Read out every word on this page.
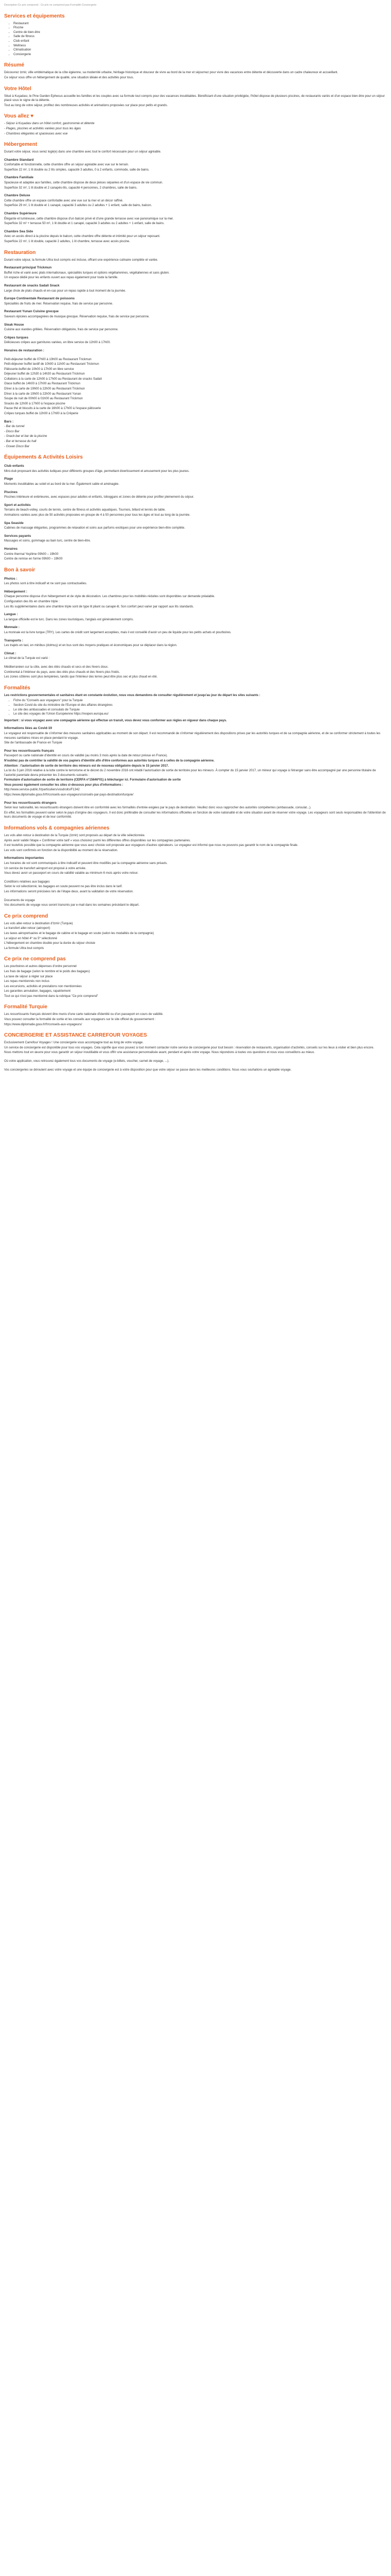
Description-Ce prix comprend - Ce prix ne comprend pas-Formalité-Conciergerie
Services et équipements
• Restaurant
• Piscine
• Centre de bien-être
• Salle de fitness
• Club enfant
• Wellness
• Climatisation
• Conciergerie
Résumé
Découvrez Izmir, ville emblématique de la côte égéenne, sa modernité urbaine, héritage historique et douceur de vivre au bord de la mer et séjournez pour vivre des vacances entre détente et découverte dans un cadre chaleureux et accueillant.
Ce séjour vous offre un hébergement de qualité, une situation idéale et des activités pour tous.
Votre Hôtel
Situé à Kuşadası, le Pine Garden Ephesus accueille les familles et les couples avec sa formule tout compris pour des vacances inoubliables. Bénéficiant d'une situation privilégiée, l'hôtel dispose de plusieurs piscines, de restaurants variés et d'un espace bien-être pour un séjour placé sous le signe de la détente.
Tout au long de votre séjour, profitez des nombreuses activités et animations proposées sur place pour petits et grands.
Vous allez ♥
- Séjour à Kuşadası dans un hôtel confort, gastronomie et détente
- Plages, piscines et activités variées pour tous les âges
- Chambres élégantes et spacieuses avec vue
Hébergement
Durant votre séjour, vous serez logé(e) dans une chambre avec tout le confort nécessaire pour un séjour agréable.
Chambre Standard
Confortable et fonctionnelle, cette chambre offre un séjour agréable avec vue sur le terrain.
Superficie 22 m², 1 lit double ou 2 lits simples, capacité 3 adultes, 0 à 2 enfants, commode, salle de bains.
Chambre Familiale
Spacieuse et adaptée aux familles, cette chambre dispose de deux pièces séparées et d'un espace de vie commun.
Superficie 32 m², 1 lit double et 2 canapés-lits, capacité 4 personnes, 2 chambres, salle de bains.
Chambre Deluxe
Cette chambre offre un espace confortable avec une vue sur la mer et un décor raffiné.
Superficie 29 m², 1 lit double et 1 canapé, capacité 3 adultes ou 2 adultes + 1 enfant, salle de bains, balcon.
Chambre Supérieure
Élégante et lumineuse, cette chambre dispose d'un balcon privé et d'une grande terrasse avec vue panoramique sur la mer.
Superficie 32 m² + terrasse 50 m², 1 lit double et 1 canapé, capacité 3 adultes ou 2 adultes + 1 enfant, salle de bains.
Chambre Sea Side
Avec un accès direct à la piscine depuis le balcon, cette chambre offre détente et intimité pour un séjour reposant.
Superficie 22 m², 1 lit double, capacité 2 adultes, 1 lit chambre, terrasse avec accès piscine.
Restauration
Durant votre séjour, la formule Ultra tout compris est incluse, offrant une expérience culinaire complète et variée.
Restaurant principal Trickmun
Buffet riche et varié avec plats internationaux, spécialités turques et options végétariennes, végétaliennes et sans gluten.
Un espace dédié pour les enfants ouvert aux repas également pour toute la famille.
Restaurant de snacks Sadali Snack
Large choix de plats chauds et en-cas pour un repas rapide à tout moment de la journée.
Europe Continentale Restaurant de poissons
Spécialités de fruits de mer. Réservation requise, frais de service par personne.
Restaurant Yunan Cuisine grecque
Saveurs épicées accompagnées de musique grecque. Réservation requise, frais de service par personne.
Steak House
Cuisine aux viandes grillées. Réservation obligatoire, frais de service par personne.
Crêpes turques
Délicieuses crêpes aux garnitures variées, en libre service de 12h00 à 17h00.
Horaires de restauration :
Petit-déjeuner buffet de 07h00 à 10h00 au Restaurant Trickmun
Petit-déjeuner buffet tardif de 10h00 à 11h00 au Restaurant Trickmun
Pâtisserie-buffet de 10h00 à 17h00 en libre service
Déjeuner buffet de 12h30 à 14h30 au Restaurant Trickmun
Collations à la carte de 12h00 à 17h00 au Restaurant de snacks Sadali
Glace buffet de 14h00 à 17h00 au Restaurant Trickmun
Dîner à la carte de 19h00 à 22h00 au Restaurant Trickmun
Dîner à la carte de 19h00 à 22h00 au Restaurant Yunan
Soupe de nuit de 00h00 à 01h00 au Restaurant Trickmun
Snacks de 12h00 à 17h00 à l'espace piscine
Pause thé et biscuits à la carte de 16h00 à 17h00 à l'espace pâtisserie
Crêpes turques buffet de 12h00 à 17h00 à la Crêperie
Bars :
- Bar du tunnel
- Disco Bar
- Snack-bar et bar de la piscine
- Bar et terrasse du hall
- Ocean Disco Bar
Équipements & Activités Loisirs
Club enfants
Mini-club proposant des activités ludiques pour différents groupes d'âge, permettant divertissement et amusement pour les plus jeunes.
Plage
Moments inoubliables au soleil et au bord de la mer. Également sable et aménagée.
Piscines
Piscines intérieure et extérieures, avec espaces pour adultes et enfants, toboggans et zones de détente pour profiter pleinement du séjour.
Sport et activités
Terrains de beach-volley, courts de tennis, centre de fitness et activités aquatiques. Tournois, billard et tennis de table.
Animations variées avec plus de 50 activités proposées en groupe de 4 à 50 personnes pour tous les âges et tout au long de la journée.
Spa Seaside
Cabines de massage élégantes, programmes de relaxation et soins aux parfums exotiques pour une expérience bien-être complète.
Services payants
Massages et soins, gommage au bain turc, centre de bien-être.
Horaires
Centre thermal Yeşilime 09h00 – 19h00
Centre de remise en forme 09h00 – 19h00
Bon à savoir
Photos :
Les photos sont à titre indicatif et ne sont pas contractuelles.
Hébergement :
Chaque personne dispose d'un hébergement et de style de décoration. Les chambres pour les mobilités réduites sont disponibles sur demande préalable.
Configuration des lits en chambre triple :
Les lits supplémentaires dans une chambre triple sont de type lit pliant ou canapé-lit. Son confort peut varier par rapport aux lits standards.
Langue :
La langue officielle est le turc. Dans les zones touristiques, l'anglais est généralement compris.
Monnaie :
La monnaie est la livre turque (TRY). Les cartes de crédit sont largement acceptées, mais il est conseillé d'avoir un peu de liquide pour les petits achats et pourboires.
Transports :
Les trajets en taxi, en minibus (dolmuş) et en bus sont des moyens pratiques et économiques pour se déplacer dans la région.
Climat :
Le climat de la Turquie est varié :
Méditerranéen sur la côte, avec des étés chauds et secs et des hivers doux.
Continental à l'intérieur du pays, avec des étés plus chauds et des hivers plus froids.
Les zones côtières sont plus tempérées, tandis que l'intérieur des terres peut être plus sec et plus chaud en été.
Formalités
Les restrictions gouvernementales et sanitaires étant en constante évolution, nous vous demandons de consulter régulièrement et jusqu'au jour du départ les sites suivants :
• Fiche du "Conseils aux voyageurs" pour la Turquie
• Section Covid du site du ministère de l'Europe et des affaires étrangères
• Le site des ambassades et consulats de Turquie
• Le site des voyages de l'Union Européenne https://reopen.europa.eu/
Important : si vous voyagez avec une compagnie aérienne qui effectue un transit, vous devez vous conformer aux règles en vigueur dans chaque pays.
Informations liées au Covid-19
Le voyageur est responsable de s'informer des mesures sanitaires applicables au moment de son départ. Il est recommandé de s'informer régulièrement des dispositions prises par les autorités turques et de sa compagnie aérienne, et de se conformer strictement à toutes les mesures sanitaires mises en place pendant le voyage.
Site de l'ambassade de France en Turquie
Pour les ressortissants français
Passeport ou carte nationale d'identité en cours de validité (au moins 3 mois après la date de retour prévue en France).
N'oubliez pas de contrôler la validité de vos papiers d'identité afin d'être conformes aux autorités turques et à celles de la compagnie aérienne.
Attention : l'autorisation de sortie de territoire des mineurs est de nouveau obligatoire depuis le 15 janvier 2017.
La loi du 3 juin 2016 relative à la lutte contre le terrorisme et le décret du 2 novembre 2016 ont rétabli l'autorisation de sortie de territoire pour les mineurs. À compter du 15 janvier 2017, un mineur qui voyage à l'étranger sans être accompagné par une personne titulaire de l'autorité parentale devra présenter les 3 documents suivants :
Formulaire d'autorisation de sortie de territoire (CERFA n°15646*01) à télécharger ici. Formulaire d'autorisation de sortie
Vous pouvez également consulter les sites ci-dessous pour plus d'informations :
http://www.service-public.fr/particuliers/vosdroits/F1342
https://www.diplomatie.gouv.fr/fr/conseils-aux-voyageurs/conseils-par-pays-destination/turquie/
Pour les ressortissants étrangers
Selon leur nationalité, les ressortissants étrangers doivent être en conformité avec les formalités d'entrée exigées par le pays de destination. Veuillez donc vous rapprocher des autorités compétentes (ambassade, consulat...).
En effet, les formalités peuvent varier selon le pays d'origine des voyageurs. Il est donc préférable de consulter les informations officielles en fonction de votre nationalité et de votre situation avant de réserver votre voyage. Les voyageurs sont seuls responsables de l'obtention de leurs documents de voyage et de leur conformité.
Informations vols & compagnies aériennes
Les vols aller-retour à destination de la Turquie (Izmir) sont proposés au départ de la ville sélectionnée.
Après avoir validé l'étape « Confirmer votre tarif » vous choisirez parmi les différentes offres disponibles sur les compagnies partenaires.
Il est toutefois possible que la compagnie aérienne que vous avez choisie soit proposée aux voyageurs d'autres opérateurs. Le voyageur est informé que nous ne pouvons pas garantir le nom de la compagnie finale.
Les vols sont confirmés en fonction de la disponibilité au moment de la réservation.
Informations importantes
Les horaires de vol sont communiqués à titre indicatif et peuvent être modifiés par la compagnie aérienne sans préavis.
Un service de transfert aéroport est proposé à votre arrivée.
Vous devez avoir un passeport en cours de validité valable au minimum 6 mois après votre retour.
Conditions relatives aux bagages
Selon le vol sélectionné, les bagages en soute peuvent ne pas être inclus dans le tarif.
Les informations seront précisées lors de l'étape deux, avant la validation de votre réservation.
Documents de voyage
Vos documents de voyage vous seront transmis par e-mail dans les semaines précédant le départ.
Ce prix comprend
Les vols aller-retour à destination d'Izmir (Turquie)
Le transfert aller-retour (aéroport)
Les taxes aéroportuaires et le bagage de cabine et le bagage en soute (selon les modalités de la compagnie)
Le séjour en hôtel 4* ou 5* sélectionné
L'hébergement en chambre double pour la durée du séjour choisie
La formule Ultra tout compris
Ce prix ne comprend pas
Les pourboires et autres dépenses d'ordre personnel
Les frais de bagage (selon le nombre et le poids des bagages)
La taxe de séjour à régler sur place
Les repas mentionnés non inclus
Les excursions, activités et prestations non mentionnées
Les garanties annulation, bagages, rapatriement
Tout ce qui n'est pas mentionné dans la rubrique "Ce prix comprend"
Formalité Turquie
Les ressortissants français doivent être munis d'une carte nationale d'identité ou d'un passeport en cours de validité.
Vous pouvez consulter la formalité de sortie et les conseils aux voyageurs sur le site officiel du gouvernement :
https://www.diplomatie.gouv.fr/fr/conseils-aux-voyageurs/
CONCIERGERIE ET ASSISTANCE CARREFOUR VOYAGES
Exclusivement Carrefour Voyages ! Une conciergerie vous accompagne tout au long de votre voyage.
Un service de conciergerie est disponible pour tous vos voyages. Cela signifie que vous pouvez à tout moment contacter notre service de conciergerie pour tout besoin : réservation de restaurants, organisation d'activités, conseils sur les lieux à visiter et bien plus encore.
Nous mettons tout en œuvre pour vous garantir un séjour inoubliable et vous offrir une assistance personnalisée avant, pendant et après votre voyage. Nous répondons à toutes vos questions et nous vous conseillons au mieux.
Où votre application, vous retrouvez également tous vos documents de voyage (e-billets, voucher, carnet de voyage, ...).
Vos conciergeries se déroulent avec votre voyage et une équipe de conciergerie est à votre disposition pour que votre séjour se passe dans les meilleures conditions. Nous vous souhaitons un agréable voyage.
